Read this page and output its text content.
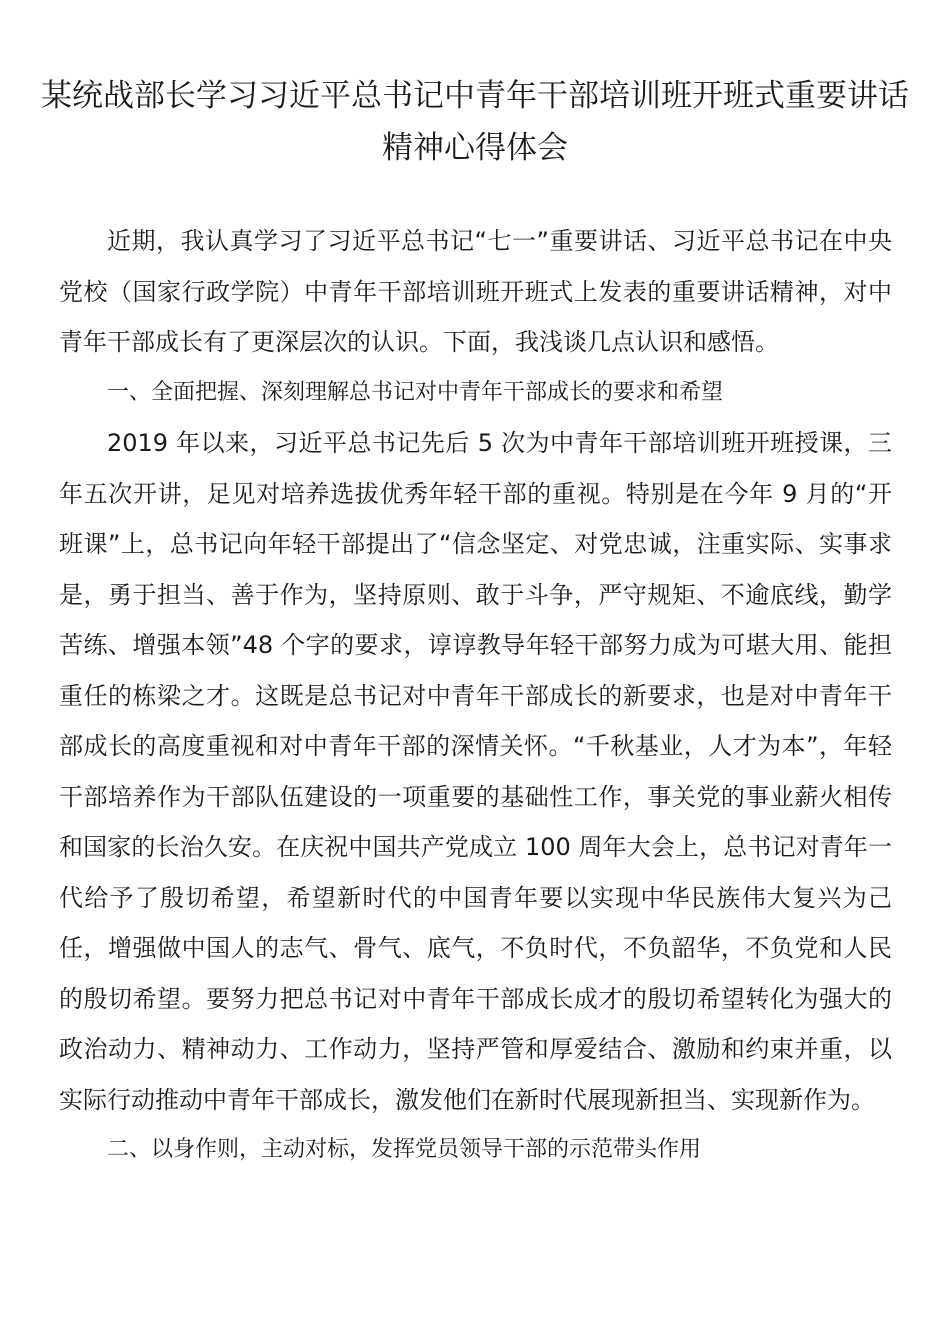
某统战部长学习习近平总书记中青年干部培训班开班式重要讲话精神心得体会

近期，我认真学习了习近平总书记“七一”重要讲话、习近平总书记在中央党校（国家行政学院）中青年干部培训班开班式上发表的重要讲话精神，对中青年干部成长有了更深层次的认识。下面，我浅谈几点认识和感悟。

一、全面把握、深刻理解总书记对中青年干部成长的要求和希望

2019 年以来，习近平总书记先后 5 次为中青年干部培训班开班授课，三年五次开讲，足见对培养选拔优秀年轻干部的重视。特别是在今年 9 月的“开班课”上，总书记向年轻干部提出了“信念坚定、对党忠诚，注重实际、实事求是，勇于担当、善于作为，坚持原则、敢于斗争，严守规矩、不逾底线，勤学苦练、增强本领”48 个字的要求，谆谆教导年轻干部努力成为可堪大用、能担重任的栋梁之才。这既是总书记对中青年干部成长的新要求，也是对中青年干部成长的高度重视和对中青年干部的深情关怀。“千秋基业，人才为本”，年轻干部培养作为干部队伍建设的一项重要的基础性工作，事关党的事业薪火相传和国家的长治久安。在庆祝中国共产党成立 100 周年大会上，总书记对青年一代给予了殷切希望，希望新时代的中国青年要以实现中华民族伟大复兴为己任，增强做中国人的志气、骨气、底气，不负时代，不负韶华，不负党和人民的殷切希望。要努力把总书记对中青年干部成长成才的殷切希望转化为强大的政治动力、精神动力、工作动力，坚持严管和厚爱结合、激励和约束并重，以实际行动推动中青年干部成长，激发他们在新时代展现新担当、实现新作为。

二、以身作则，主动对标，发挥党员领导干部的示范带头作用
